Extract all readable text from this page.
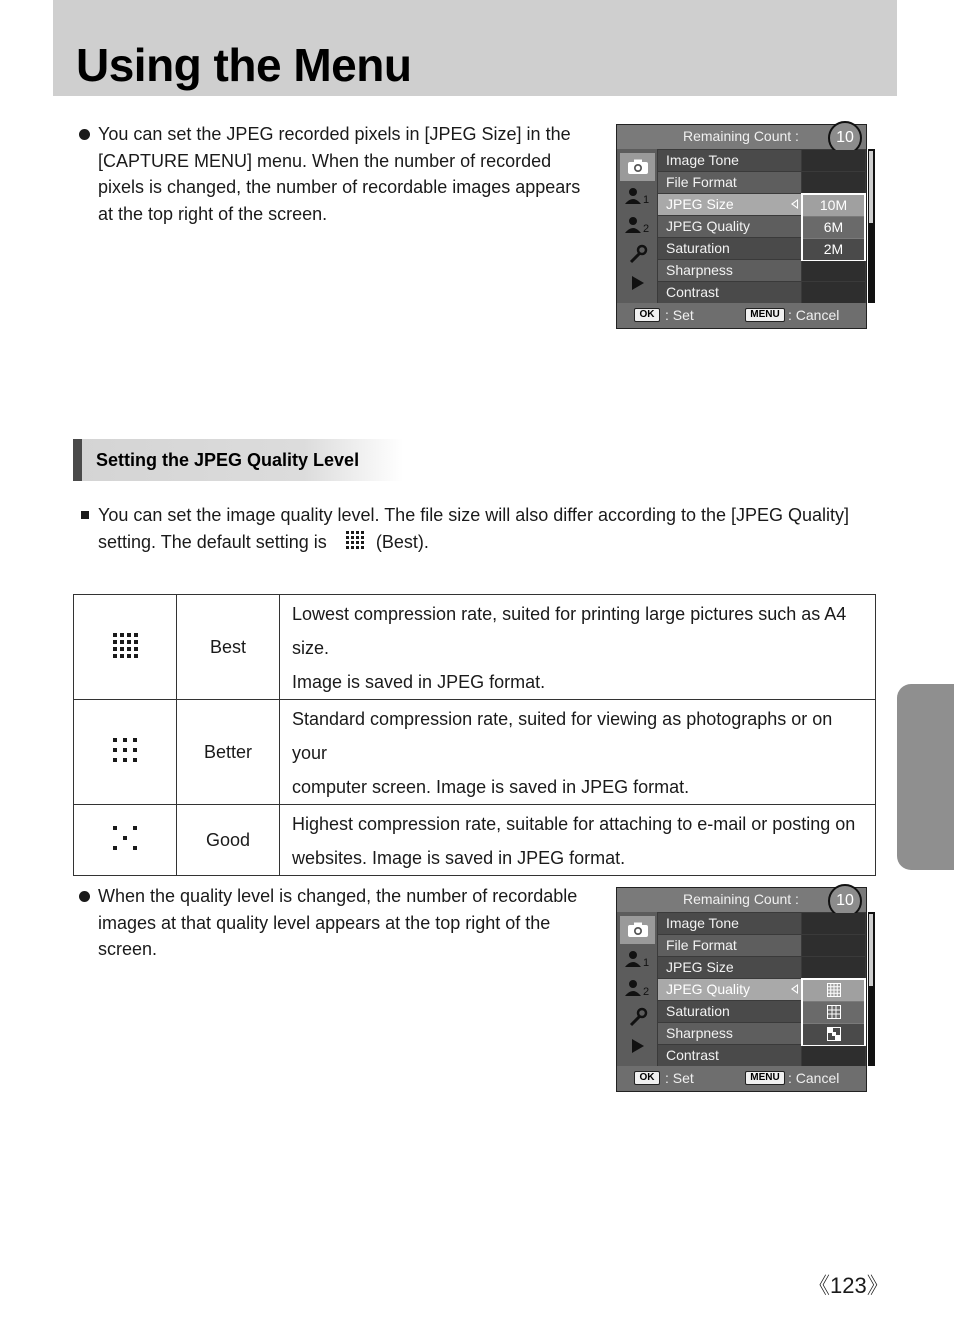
Using the Menu
You can set the JPEG recorded pixels in [JPEG Size] in the [CAPTURE MENU] menu. When the number of recorded pixels is changed, the number of recordable images appears at the top right of the screen.
Remaining Count :	10
1
2
Image Tone
File Format
JPEG Size
JPEG Quality
Saturation
Sharpness
Contrast
10M
6M
2M
OK : Set	MENU : Cancel
Setting the JPEG Quality Level
You can set the image quality level. The file size will also differ according to the [JPEG Quality] setting. The default setting is	(Best).
	Best	Lowest compression rate, suited for printing large pictures such as A4 size.
Image is saved in JPEG format.

	Better	Standard compression rate, suited for viewing as photographs or on your
computer screen. Image is saved in JPEG format.

	Good	Highest compression rate, suitable for attaching to e-mail or posting on
websites. Image is saved in JPEG format.
When the quality level is changed, the number of recordable images at that quality level appears at the top right of the screen.
Remaining Count :	10
1
2
Image Tone
File Format
JPEG Size
JPEG Quality
Saturation
Sharpness
Contrast
OK : Set	MENU : Cancel
《123》
